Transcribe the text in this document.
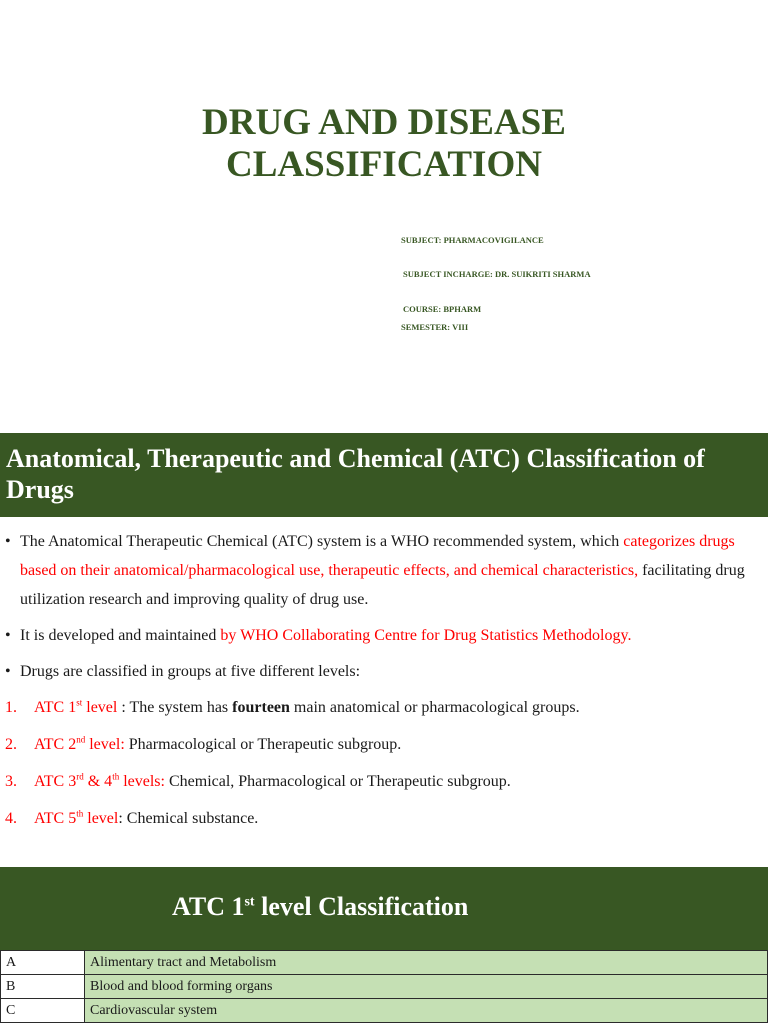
DRUG AND DISEASE
CLASSIFICATION
SUBJECT: PHARMACOVIGILANCE
SUBJECT INCHARGE: DR. SUIKRITI SHARMA
COURSE: BPHARM
SEMESTER: VIII
Anatomical, Therapeutic and Chemical (ATC) Classification of Drugs
• The Anatomical Therapeutic Chemical (ATC) system is a WHO recommended system, which categorizes drugs based on their anatomical/pharmacological use, therapeutic effects, and chemical characteristics, facilitating drug utilization research and improving quality of drug use.
• It is developed and maintained by WHO Collaborating Centre for Drug Statistics Methodology.
• Drugs are classified in groups at five different levels:
1. ATC 1st level : The system has fourteen main anatomical or pharmacological groups.
2. ATC 2nd level: Pharmacological or Therapeutic subgroup.
3. ATC 3rd & 4th levels: Chemical, Pharmacological or Therapeutic subgroup.
4. ATC 5th level: Chemical substance.
ATC 1st level Classification
A	Alimentary tract and Metabolism
B	Blood and blood forming organs
C	Cardiovascular system
